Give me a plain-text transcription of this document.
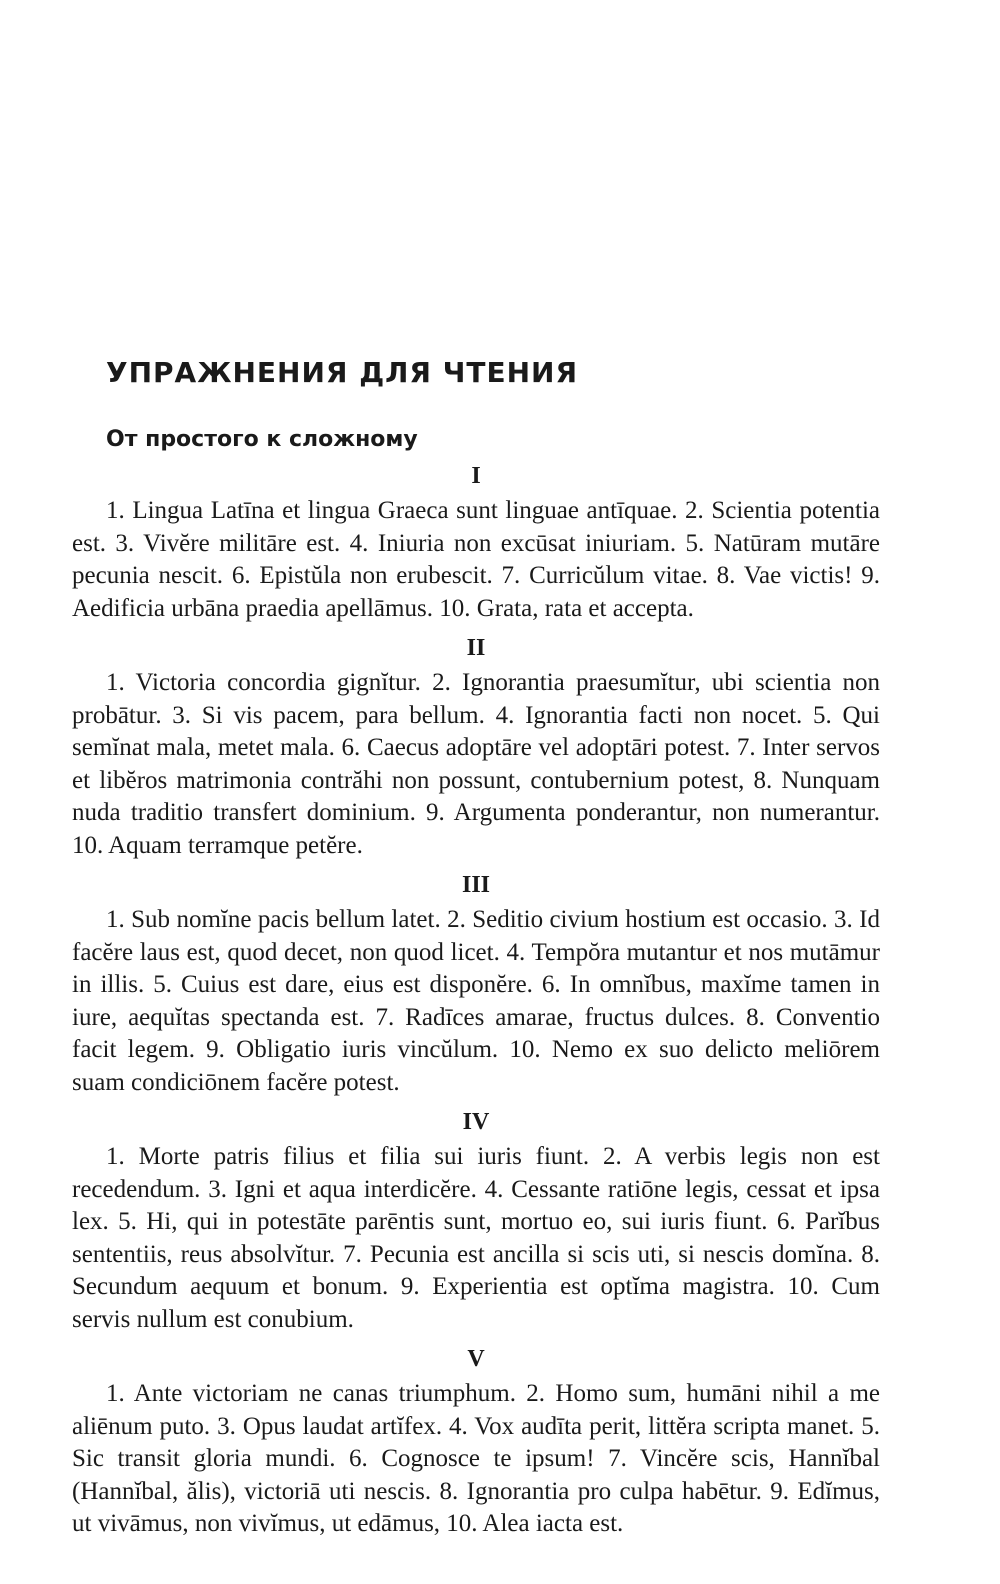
УПРАЖНЕНИЯ ДЛЯ ЧТЕНИЯ
От простого к сложному
I

1. Lingua Latīna et lingua Graeca sunt linguae antīquae. 2. Scientia potentia est. 3. Vivĕre militāre est. 4. Iniuria non excūsat iniuriam. 5. Natūram mutāre pecunia nescit. 6. Epistŭla non erubescit. 7. Curricŭlum vitae. 8. Vae victis! 9. Aedificia urbāna praedia apellāmus. 10. Grata, rata et accepta.

II

1. Victoria concordia gignĭtur. 2. Ignorantia praesumĭtur, ubi scientia non probātur. 3. Si vis pacem, para bellum. 4. Ignorantia facti non nocet. 5. Qui semĭnat mala, metet mala. 6. Caecus adoptāre vel adoptāri potest. 7. Inter servos et libĕros matrimonia contrăhi non possunt, contubernium potest, 8. Nunquam nuda traditio transfert dominium. 9. Argumenta ponderantur, non numerantur. 10. Aquam terramque petĕre.

III

1. Sub nomĭne pacis bellum latet. 2. Seditio civium hostium est occasio. 3. Id facĕre laus est, quod decet, non quod licet. 4. Tempŏra mutantur et nos mutāmur in illis. 5. Cuius est dare, eius est disponĕre. 6. In omnĭbus, maxĭme tamen in iure, aequĭtas spectanda est. 7. Radīces amarae, fructus dulces. 8. Conventio facit legem. 9. Obligatio iuris vincŭlum. 10. Nemo ex suo delicto meliōrem suam condiciōnem facĕre potest.

IV

1. Morte patris filius et filia sui iuris fiunt. 2. A verbis legis non est recedendum. 3. Igni et aqua interdicĕre. 4. Cessante ratiōne legis, cessat et ipsa lex. 5. Hi, qui in potestāte parēntis sunt, mortuo eo, sui iuris fiunt. 6. Parĭbus sententiis, reus absolvĭtur. 7. Pecunia est ancilla si scis uti, si nescis domĭna. 8. Secundum aequum et bonum. 9. Experientia est optĭma magistra. 10. Cum servis nullum est conubium.

V

1. Ante victoriam ne canas triumphum. 2. Homo sum, humāni nihil a me aliēnum puto. 3. Opus laudat artĭfex. 4. Vox audīta perit, littĕra scripta manet. 5. Sic transit gloria mundi. 6. Cognosce te ipsum! 7. Vincĕre scis, Hannĭbal (Hannĭbal, ălis), victoriā uti nescis. 8. Ignorantia pro culpa habētur. 9. Edĭmus, ut vivāmus, non vivĭmus, ut edāmus, 10. Alea iacta est.
